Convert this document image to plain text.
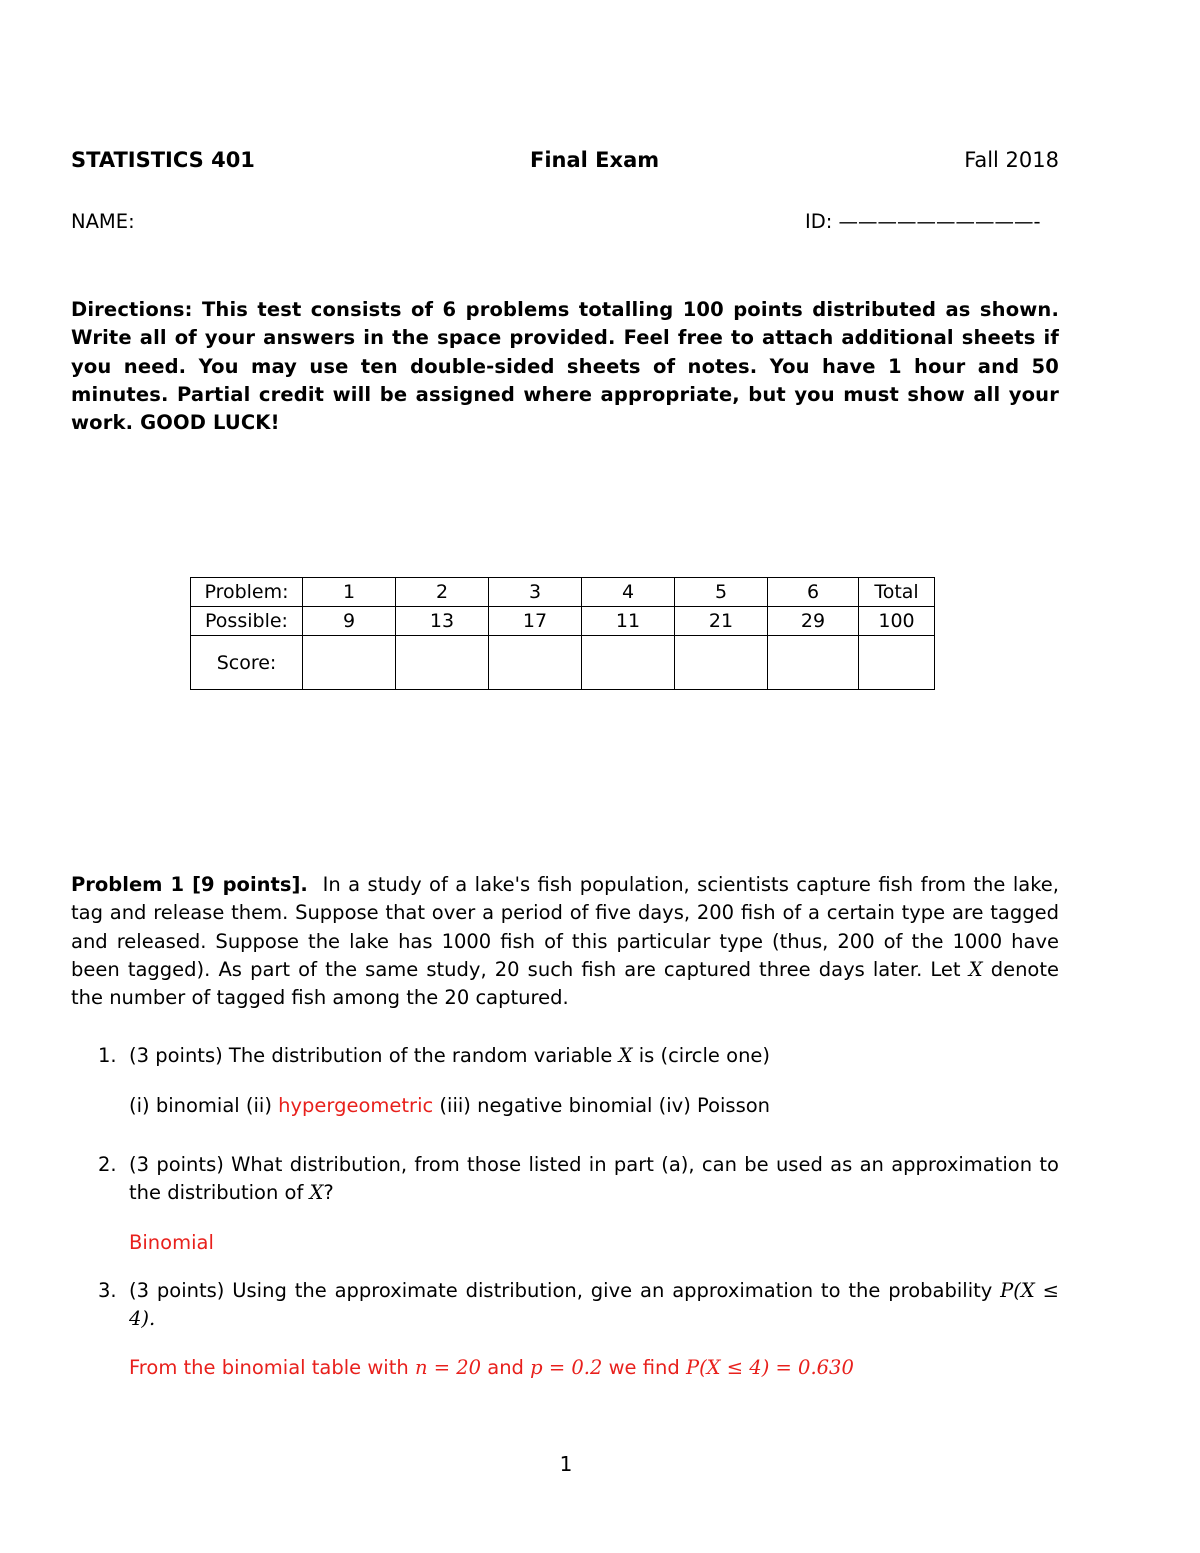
STATISTICS 401	Final Exam	Fall 2018
NAME:	ID: ——————————-
Directions: This test consists of 6 problems totalling 100 points distributed as shown. Write all of your answers in the space provided. Feel free to attach additional sheets if you need. You may use ten double-sided sheets of notes. You have 1 hour and 50 minutes. Partial credit will be assigned where appropriate, but you must show all your work. GOOD LUCK!
Problem:	1	2	3	4	5	6	Total
Possible:	9	13	17	11	21	29	100
Score:							
Problem 1 [9 points]. In a study of a lake's fish population, scientists capture fish from the lake, tag and release them. Suppose that over a period of five days, 200 fish of a certain type are tagged and released. Suppose the lake has 1000 fish of this particular type (thus, 200 of the 1000 have been tagged). As part of the same study, 20 such fish are captured three days later. Let X denote the number of tagged fish among the 20 captured.
1. (3 points) The distribution of the random variable X is (circle one)
(i) binomial (ii) hypergeometric (iii) negative binomial (iv) Poisson
2. (3 points) What distribution, from those listed in part (a), can be used as an approximation to the distribution of X?
Binomial
3. (3 points) Using the approximate distribution, give an approximation to the probability P(X ≤ 4).
From the binomial table with n = 20 and p = 0.2 we find P(X ≤ 4) = 0.630
1
